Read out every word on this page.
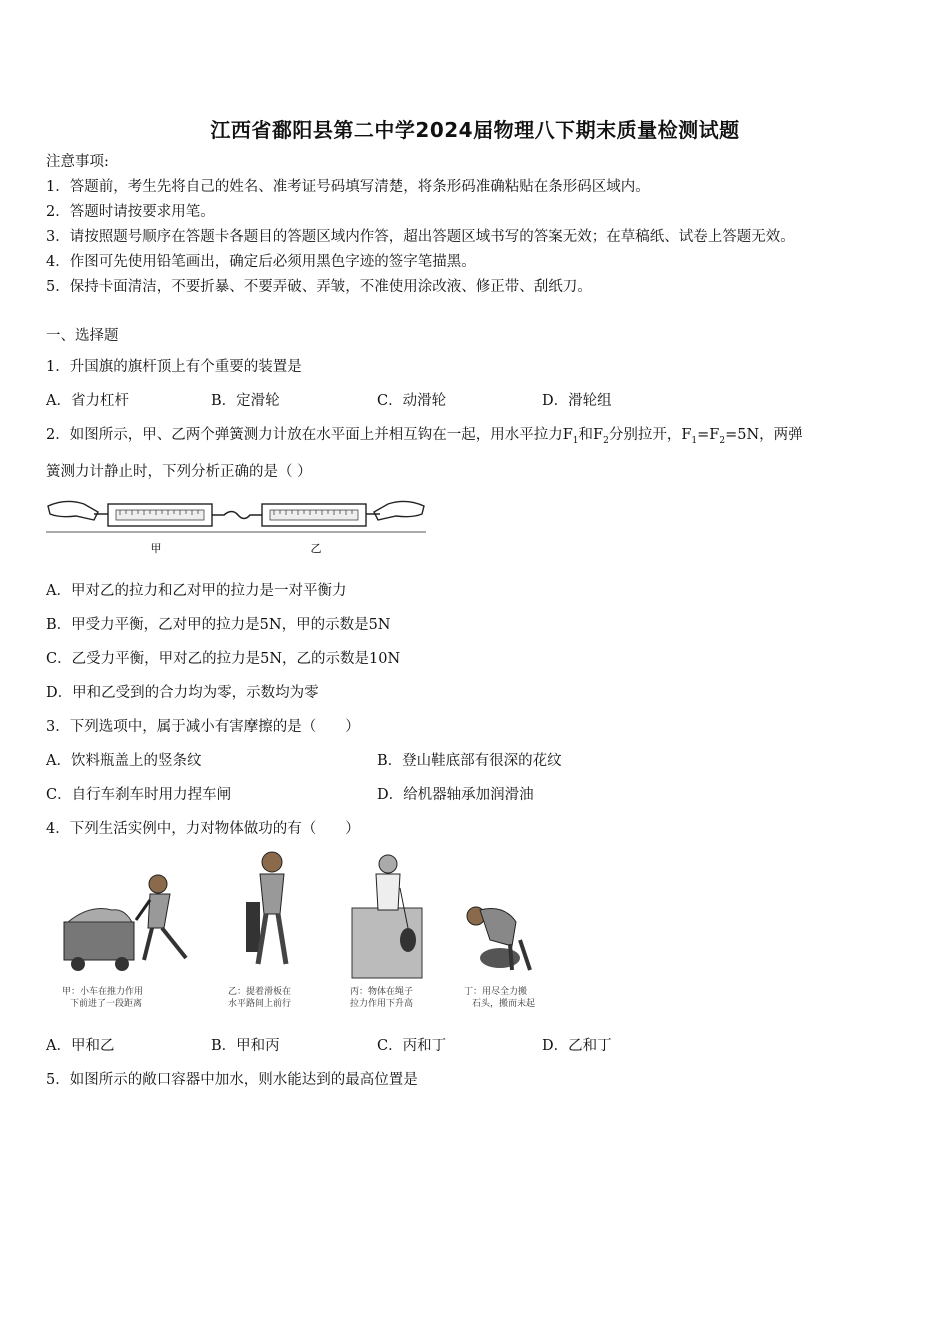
江西省鄱阳县第二中学2024届物理八下期末质量检测试题
注意事项:
1．答题前，考生先将自己的姓名、准考证号码填写清楚，将条形码准确粘贴在条形码区域内。
2．答题时请按要求用笔。
3．请按照题号顺序在答题卡各题目的答题区域内作答，超出答题区域书写的答案无效；在草稿纸、试卷上答题无效。
4．作图可先使用铅笔画出，确定后必须用黑色字迹的签字笔描黑。
5．保持卡面清洁，不要折暴、不要弄破、弄皱，不准使用涂改液、修正带、刮纸刀。
一、选择题
1．升国旗的旗杆顶上有个重要的装置是
A．省力杠杆	B．定滑轮	C．动滑轮	D．滑轮组
2．如图所示，甲、乙两个弹簧测力计放在水平面上并相互钩在一起，用水平拉力$F_1$和$F_2$分别拉开，$F_1=F_2=5N$，两弹
簧测力计静止时，下列分析正确的是（ ）
甲	乙
A．甲对乙的拉力和乙对甲的拉力是一对平衡力
B．甲受力平衡，乙对甲的拉力是5N，甲的示数是5N
C．乙受力平衡，甲对乙的拉力是5N，乙的示数是10N
D．甲和乙受到的合力均为零，示数均为零
3．下列选项中，属于减小有害摩擦的是（　　）
A．饮料瓶盖上的竖条纹	B．登山鞋底部有很深的花纹
C．自行车刹车时用力捏车闸	D．给机器轴承加润滑油
4．下列生活实例中，力对物体做功的有（　　）
甲：小车在推力作用
下前进了一段距离
乙：提着滑板在
水平路间上前行
丙：物体在绳子
拉力作用下升高
丁：用尽全力搬
石头，搬而未起
A．甲和乙	B．甲和丙	C．丙和丁	D．乙和丁
5．如图所示的敞口容器中加水，则水能达到的最高位置是
